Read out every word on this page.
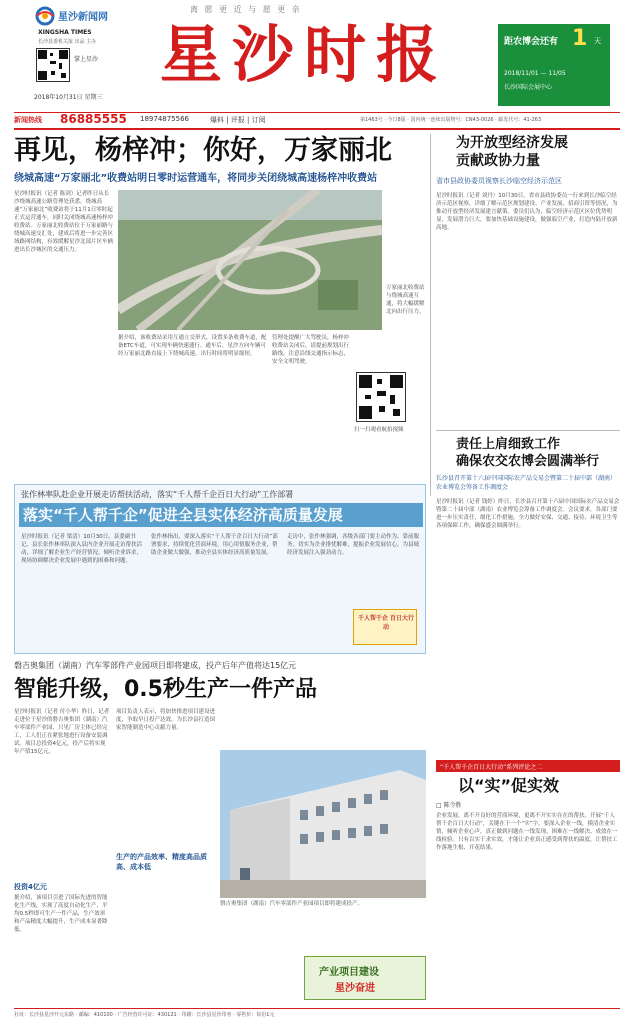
星沙新闻网
XINGSHA TIMES
长沙县委机关报 出品 主办
掌上星沙
2018年10月31日 星期三
离 愿 更 近 与 愿 更 亲
星沙时报	距农博会还有 1 天
2018/11/01 — 11/05
长沙国际会展中心
新闻热线 86885555 18974875566	爆料 | 评报 | 订阅	第1463号 · 今日8版 · 国内统一连续出版物号：CN43-0026 · 邮发代号：41-263
再见，杨梓冲；你好，万家丽北
绕城高速“万家丽北”收费站明日零时运营通车，将同步关闭绕城高速杨梓冲收费站
星沙时报讯（记者 陈剑）记者昨日从长沙绕城高速公路管理处获悉，绕城高速“万家丽北”收费站将于11月1日零时起正式运营通车，同时关闭绕城高速杨梓冲收费站。万家丽北收费站位于万家丽路与绕城高速交汇处，建成后将进一步完善区域路网结构，有效缓解星沙北部片区车辆进出长沙城区的交通压力。
万家丽北收费站与绕城高速互通，将大幅缓解北向出行压力。
据介绍，该收费站采用互通立交形式，设置多条收费车道，配备ETC车道，可实现车辆快速通行。通车后，星沙方向车辆可经万家丽北路直接上下绕城高速，出行时间将明显缩短。
管理处提醒广大驾驶员，杨梓冲收费站关闭后，请提前规划出行路线，注意沿线交通指示标志，安全文明驾驶。
扫一扫观看航拍视频
为开放型经济发展
贡献政协力量
省市县政协委员视察长沙临空经济示范区
星沙时报讯（记者 刘丹）10月30日，省市县政协委员一行来到长沙临空经济示范区视察，详细了解示范区规划建设、产业发展、招商引资等情况，为推动开放型经济发展建言献策。委员们认为，临空经济示范区区位优势明显，发展潜力巨大，要加快基础设施建设，做强临空产业，打造内陆开放新高地。
责任上肩细致工作
确保农交农博会圆满举行
长沙县召开第十六届中国国际农产品交易会暨第二十届中部（湖南）农业博览会筹备工作调度会
星沙时报讯（记者 钱婷）昨日，长沙县召开第十六届中国国际农产品交易会暨第二十届中部（湖南）农业博览会筹备工作调度会。会议要求，各部门要进一步压实责任，细化工作措施，全力做好安保、交通、接待、环境卫生等各项保障工作，确保盛会圆满举行。
张作林率队赴企业开展走访帮扶活动，落实“千人帮千企百日大行动”工作部署
落实“千人帮千企”促进全县实体经济高质量发展
星沙时报讯（记者 梁清）10月30日，县委副书记、县长张作林率队深入县内企业开展走访帮扶活动，详细了解企业生产经营情况，倾听企业诉求，现场协调解决企业发展中遇到的困难和问题。
张作林指出，要深入落实“千人帮千企百日大行动”部署要求，持续优化营商环境，用心用情服务企业，帮助企业做大做强，推动全县实体经济高质量发展。
走访中，张作林强调，各级各部门要主动作为、靠前服务，切实为企业排忧解难，提振企业发展信心，为县域经济发展注入强劲动力。
千人帮千企 百日大行动
磐吉奥集团（湖南）汽车零部件产业园项目即将建成，投产后年产值将达15亿元
智能升级，0.5秒生产一件产品
星沙时报讯（记者 付小华）昨日，记者走进位于星沙的磐吉奥集团（湖南）汽车零部件产业园，只见厂房主体已经完工，工人们正在紧张地进行设备安装调试。项目总投资4亿元，投产后将实现年产值15亿元。
投资4亿元
据介绍，该项目引进了国际先进的智能化生产线，实现了高度自动化生产，平均0.5秒即可生产一件产品，生产效率和产品精度大幅提升，生产成本显著降低。
项目负责人表示，将加快推进项目建设进度，争取早日投产达效，为长沙县打造国家智能制造中心贡献力量。
磐吉奥集团（湖南）汽车零部件产业园项目即将建成投产。
生产的产品效率、精度高品质高、成本低
产业项目建设
星沙奋进
“千人帮千企百日大行动”系列评论之二
以“实”促实效
□ 陈令胜
企业发展，离不开良好的营商环境，更离不开实实在在的帮扶。开展“千人帮千企百日大行动”，关键在于一个“实”字。要深入企业一线，摸清企业实情，倾听企业心声，真正做到问题在一线发现、困难在一线解决、成效在一线检验。只有以实干求实效，才能让企业真正感受到帮扶的温度，让帮扶工作落地生根、开花结果。
社址：长沙县星沙开元东路 · 邮编：410100 · 广告经营许可证：430121 · 印刷：长沙县星沙印务 · 零售价：每份1元
